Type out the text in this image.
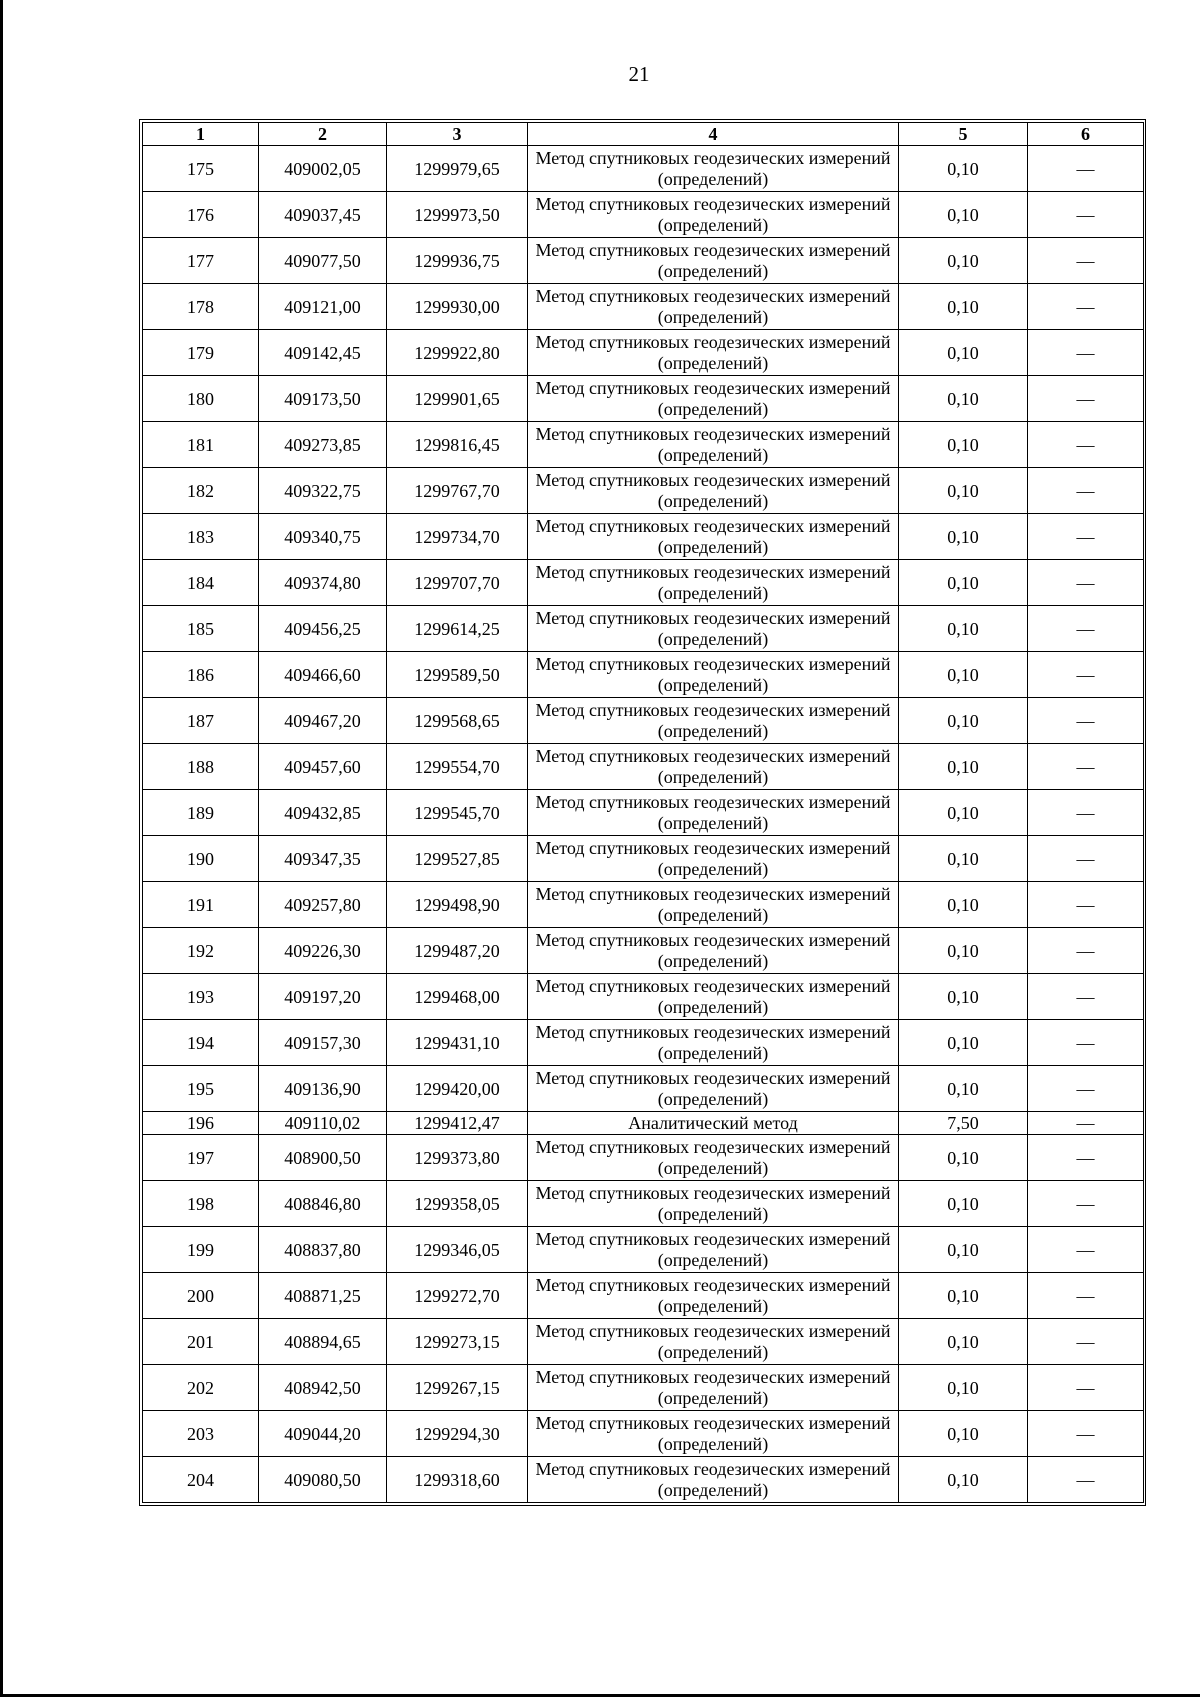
21
1	2	3	4	5	6
175	409002,05	1299979,65	Метод спутниковых геодезических измерений (определений)	0,10	—
176	409037,45	1299973,50	Метод спутниковых геодезических измерений (определений)	0,10	—
177	409077,50	1299936,75	Метод спутниковых геодезических измерений (определений)	0,10	—
178	409121,00	1299930,00	Метод спутниковых геодезических измерений (определений)	0,10	—
179	409142,45	1299922,80	Метод спутниковых геодезических измерений (определений)	0,10	—
180	409173,50	1299901,65	Метод спутниковых геодезических измерений (определений)	0,10	—
181	409273,85	1299816,45	Метод спутниковых геодезических измерений (определений)	0,10	—
182	409322,75	1299767,70	Метод спутниковых геодезических измерений (определений)	0,10	—
183	409340,75	1299734,70	Метод спутниковых геодезических измерений (определений)	0,10	—
184	409374,80	1299707,70	Метод спутниковых геодезических измерений (определений)	0,10	—
185	409456,25	1299614,25	Метод спутниковых геодезических измерений (определений)	0,10	—
186	409466,60	1299589,50	Метод спутниковых геодезических измерений (определений)	0,10	—
187	409467,20	1299568,65	Метод спутниковых геодезических измерений (определений)	0,10	—
188	409457,60	1299554,70	Метод спутниковых геодезических измерений (определений)	0,10	—
189	409432,85	1299545,70	Метод спутниковых геодезических измерений (определений)	0,10	—
190	409347,35	1299527,85	Метод спутниковых геодезических измерений (определений)	0,10	—
191	409257,80	1299498,90	Метод спутниковых геодезических измерений (определений)	0,10	—
192	409226,30	1299487,20	Метод спутниковых геодезических измерений (определений)	0,10	—
193	409197,20	1299468,00	Метод спутниковых геодезических измерений (определений)	0,10	—
194	409157,30	1299431,10	Метод спутниковых геодезических измерений (определений)	0,10	—
195	409136,90	1299420,00	Метод спутниковых геодезических измерений (определений)	0,10	—
196	409110,02	1299412,47	Аналитический метод	7,50	—
197	408900,50	1299373,80	Метод спутниковых геодезических измерений (определений)	0,10	—
198	408846,80	1299358,05	Метод спутниковых геодезических измерений (определений)	0,10	—
199	408837,80	1299346,05	Метод спутниковых геодезических измерений (определений)	0,10	—
200	408871,25	1299272,70	Метод спутниковых геодезических измерений (определений)	0,10	—
201	408894,65	1299273,15	Метод спутниковых геодезических измерений (определений)	0,10	—
202	408942,50	1299267,15	Метод спутниковых геодезических измерений (определений)	0,10	—
203	409044,20	1299294,30	Метод спутниковых геодезических измерений (определений)	0,10	—
204	409080,50	1299318,60	Метод спутниковых геодезических измерений (определений)	0,10	—
